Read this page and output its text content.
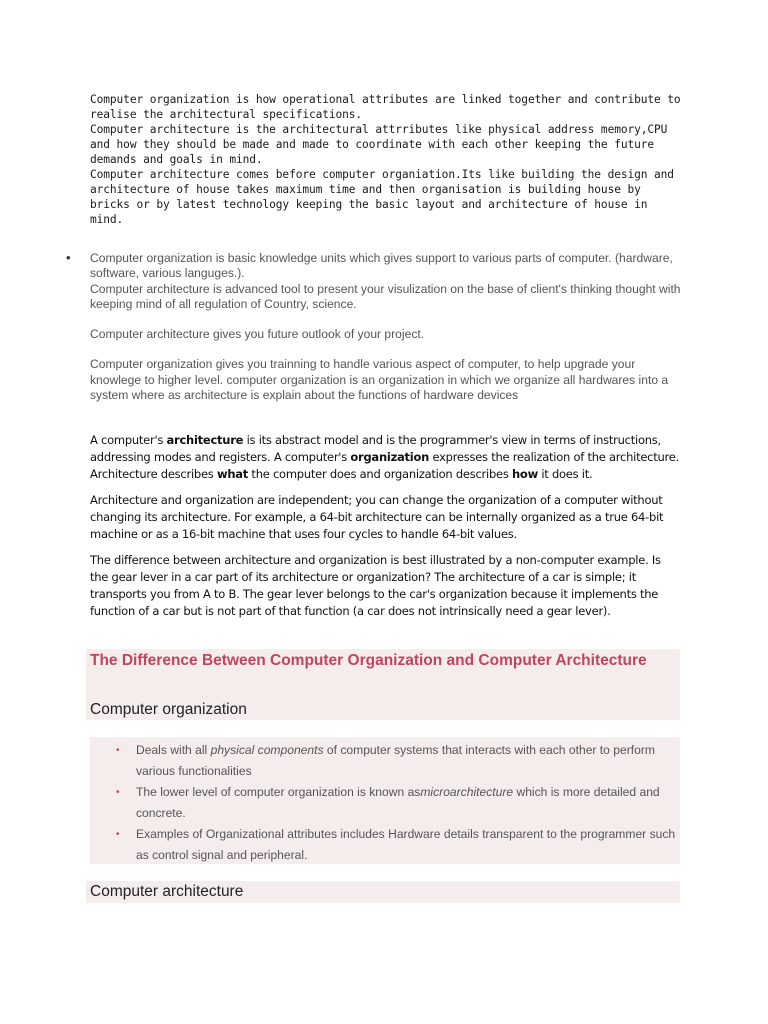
Computer organization is how operational attributes are linked together and contribute to realise the architectural specifications.

Computer architecture is the architectural attrributes like physical address memory,CPU and how they should be made and made to coordinate with each other keeping the future demands and goals in mind.

Computer architecture comes before computer organiation.Its like building the design and architecture of house takes maximum time and then organisation is building house by bricks or by latest technology keeping the basic layout and architecture of house in mind.

• Computer organization is basic knowledge units which gives support to various parts of computer. (hardware, software, various languges.).

Computer architecture is advanced tool to present your visulization on the base of client's thinking thought with keeping mind of all regulation of Country, science.

Computer architecture gives you future outlook of your project.

Computer organization gives you trainning to handle various aspect of computer, to help upgrade your knowlege to higher level. computer organization is an organization in which we organize all hardwares into a system where as architecture is explain about the functions of hardware devices

A computer's architecture is its abstract model and is the programmer's view in terms of instructions, addressing modes and registers. A computer's organization expresses the realization of the architecture. Architecture describes what the computer does and organization describes how it does it.

Architecture and organization are independent; you can change the organization of a computer without changing its architecture. For example, a 64-bit architecture can be internally organized as a true 64-bit machine or as a 16-bit machine that uses four cycles to handle 64-bit values.

The difference between architecture and organization is best illustrated by a non-computer example. Is the gear lever in a car part of its architecture or organization? The architecture of a car is simple; it transports you from A to B. The gear lever belongs to the car's organization because it implements the function of a car but is not part of that function (a car does not intrinsically need a gear lever).

The Difference Between Computer Organization and Computer Architecture
Computer organization
• Deals with all physical components of computer systems that interacts with each other to perform various functionalities
• The lower level of computer organization is known asmicroarchitecture which is more detailed and concrete.
• Examples of Organizational attributes includes Hardware details transparent to the programmer such as control signal and peripheral.
Computer architecture
